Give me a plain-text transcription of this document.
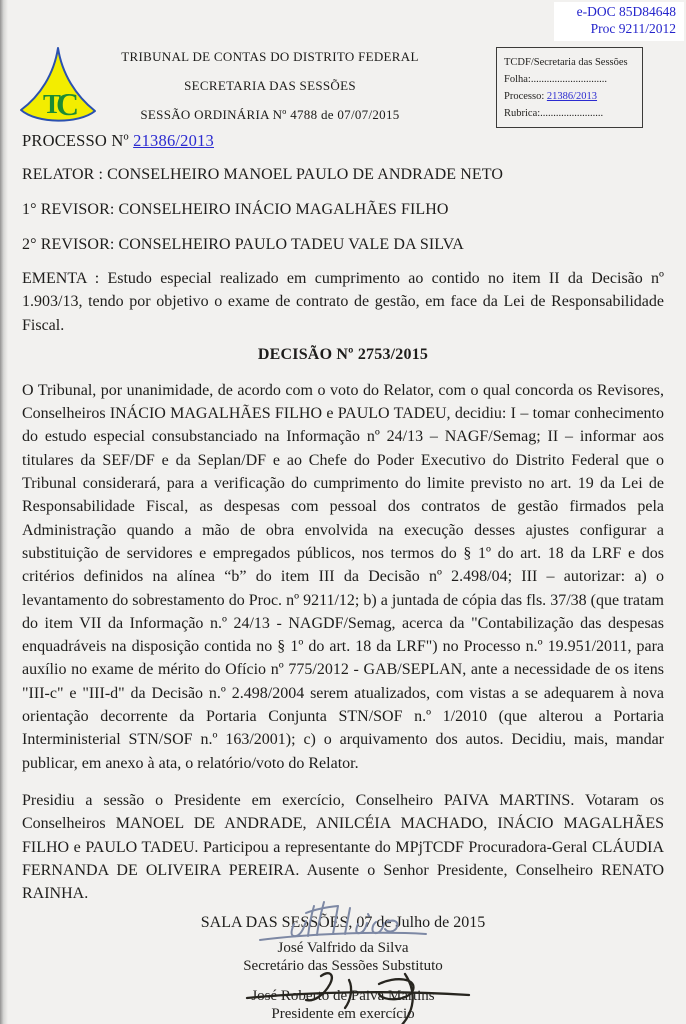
e-DOC 85D84648
Proc 9211/2012
T
C
TRIBUNAL DE CONTAS DO DISTRITO FEDERAL
SECRETARIA DAS SESSÕES
SESSÃO ORDINÁRIA Nº 4788 de 07/07/2015
TCDF/Secretaria das Sessões
Folha:.............................
Processo: 21386/2013
Rubrica:........................
PROCESSO Nº 21386/2013
RELATOR : CONSELHEIRO MANOEL PAULO DE ANDRADE NETO
1° REVISOR: CONSELHEIRO INÁCIO MAGALHÃES FILHO
2° REVISOR: CONSELHEIRO PAULO TADEU VALE DA SILVA

EMENTA : Estudo especial realizado em cumprimento ao contido no item II da Decisão nº 1.903/13, tendo por objetivo o exame de contrato de gestão, em face da Lei de Responsabilidade Fiscal.

DECISÃO Nº 2753/2015

O Tribunal, por unanimidade, de acordo com o voto do Relator, com o qual concorda os Revisores, Conselheiros INÁCIO MAGALHÃES FILHO e PAULO TADEU, decidiu: I – tomar conhecimento do estudo especial consubstanciado na Informação nº 24/13 – NAGF/Semag; II – informar aos titulares da SEF/DF e da Seplan/DF e ao Chefe do Poder Executivo do Distrito Federal que o Tribunal considerará, para a verificação do cumprimento do limite previsto no art. 19 da Lei de Responsabilidade Fiscal, as despesas com pessoal dos contratos de gestão firmados pela Administração quando a mão de obra envolvida na execução desses ajustes configurar a substituição de servidores e empregados públicos, nos termos do § 1º do art. 18 da LRF e dos critérios definidos na alínea “b” do item III da Decisão nº 2.498/04; III – autorizar: a) o levantamento do sobrestamento do Proc. nº 9211/12; b) a juntada de cópia das fls. 37/38 (que tratam do item VII da Informação n.º 24/13 - NAGDF/Semag, acerca da "Contabilização das despesas enquadráveis na disposição contida no § 1º do art. 18 da LRF") no Processo n.º 19.951/2011, para auxílio no exame de mérito do Ofício nº 775/2012 - GAB/SEPLAN, ante a necessidade de os itens "III-c" e "III-d" da Decisão n.º 2.498/2004 serem atualizados, com vistas a se adequarem à nova orientação decorrente da Portaria Conjunta STN/SOF n.º 1/2010 (que alterou a Portaria Interministerial STN/SOF n.º 163/2001); c) o arquivamento dos autos. Decidiu, mais, mandar publicar, em anexo à ata, o relatório/voto do Relator.

Presidiu a sessão o Presidente em exercício, Conselheiro PAIVA MARTINS. Votaram os Conselheiros MANOEL DE ANDRADE, ANILCÉIA MACHADO, INÁCIO MAGALHÃES FILHO e PAULO TADEU. Participou a representante do MPjTCDF Procuradora-Geral CLÁUDIA FERNANDA DE OLIVEIRA PEREIRA. Ausente o Senhor Presidente, Conselheiro RENATO RAINHA.

SALA DAS SESSÕES, 07 de Julho de 2015
José Valfrido da Silva
Secretário das Sessões Substituto
José Roberto de Paiva Martins
Presidente em exercício
